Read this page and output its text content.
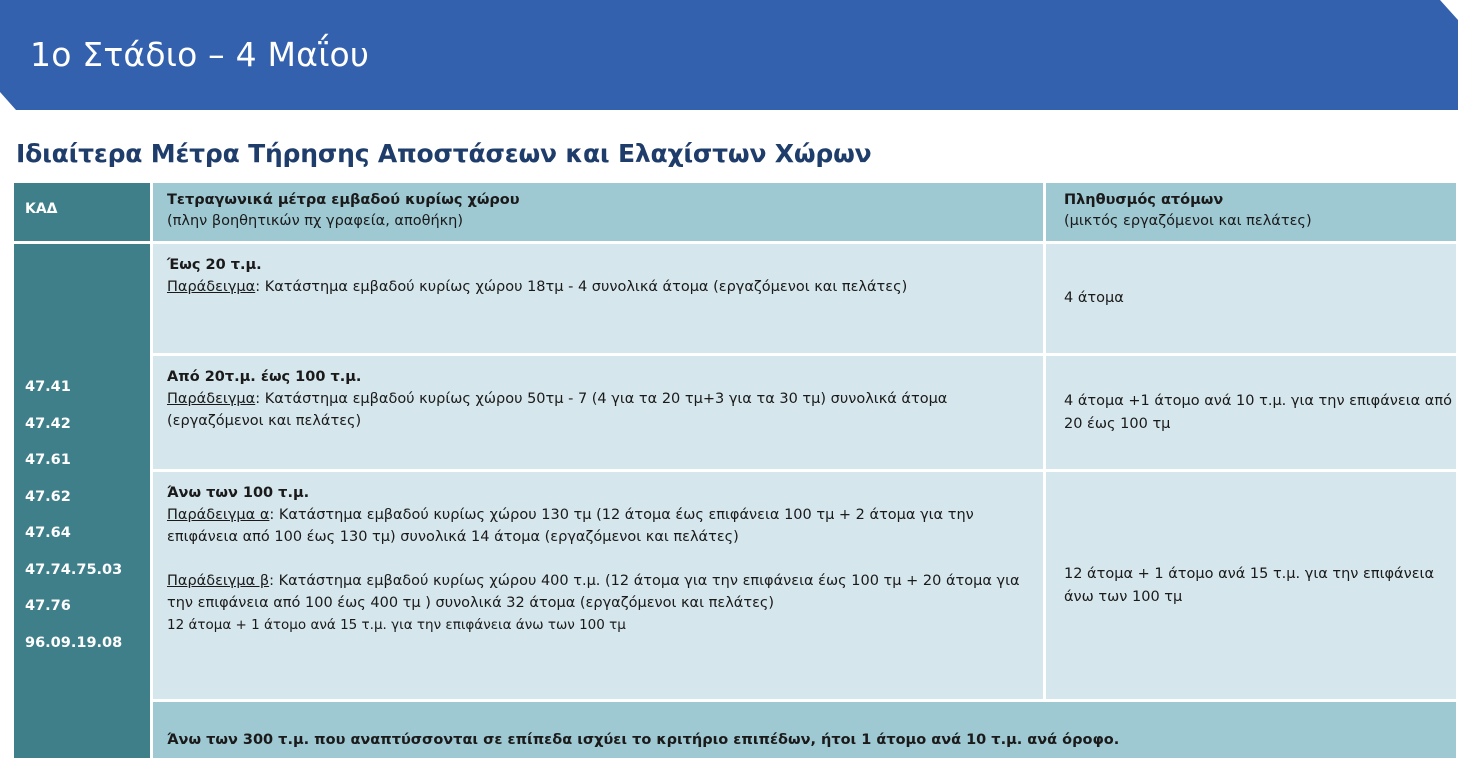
1ο Στάδιο – 4 Μαΐου
Ιδιαίτερα Μέτρα Τήρησης Αποστάσεων και Ελαχίστων Χώρων
ΚΑΔ
Τετραγωνικά μέτρα εμβαδού κυρίως χώρου
(πλην βοηθητικών πχ γραφεία, αποθήκη)
Πληθυσμός ατόμων
(μικτός εργαζόμενοι και πελάτες)
47.41
47.42
47.61
47.62
47.64
47.74.75.03
47.76
96.09.19.08
Έως 20 τ.μ.
Παράδειγμα: Κατάστημα εμβαδού κυρίως χώρου 18τμ - 4 συνολικά άτομα (εργαζόμενοι και πελάτες)
4 άτομα
Από 20τ.μ. έως 100 τ.μ.
Παράδειγμα: Κατάστημα εμβαδού κυρίως χώρου 50τμ - 7 (4 για τα 20 τμ+3 για τα 30 τμ) συνολικά άτομα (εργαζόμενοι και πελάτες)
4 άτομα +1 άτομο ανά 10 τ.μ. για την επιφάνεια από 20 έως 100 τμ
Άνω των 100 τ.μ.
Παράδειγμα α: Κατάστημα εμβαδού κυρίως χώρου 130 τμ (12 άτομα έως επιφάνεια 100 τμ + 2 άτομα για την επιφάνεια από 100 έως 130 τμ) συνολικά 14 άτομα (εργαζόμενοι και πελάτες)
Παράδειγμα β: Κατάστημα εμβαδού κυρίως χώρου 400 τ.μ. (12 άτομα για την επιφάνεια έως 100 τμ + 20 άτομα για την επιφάνεια από 100 έως 400 τμ ) συνολικά 32 άτομα (εργαζόμενοι και πελάτες)
12 άτομα + 1 άτομο ανά 15 τ.μ. για την επιφάνεια άνω των 100 τμ
12 άτομα + 1 άτομο ανά 15 τ.μ. για την επιφάνεια άνω των 100 τμ
Άνω των 300 τ.μ. που αναπτύσσονται σε επίπεδα ισχύει το κριτήριο επιπέδων, ήτοι 1 άτομο ανά 10 τ.μ. ανά όροφο.
